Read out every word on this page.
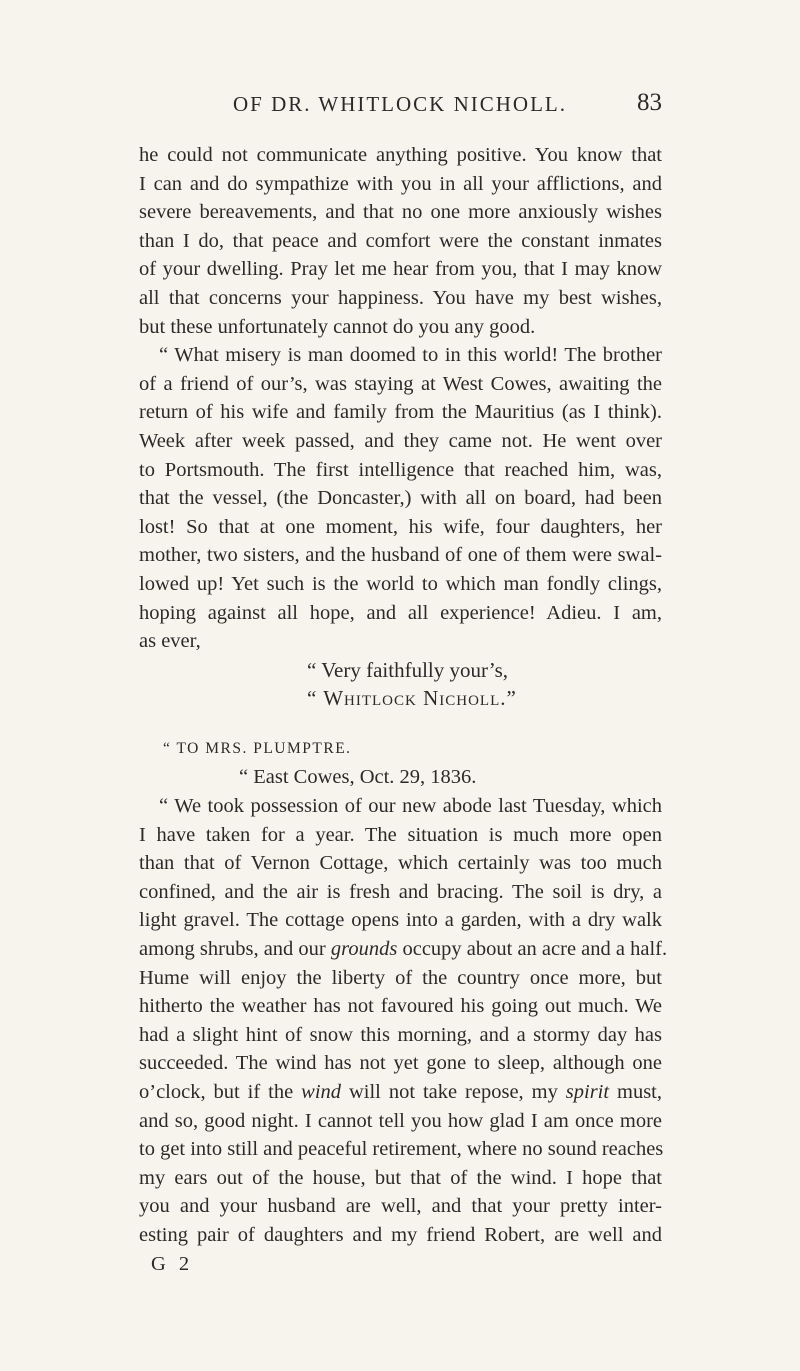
OF DR. WHITLOCK NICHOLL.	83
he could not communicate anything positive. You know that
I can and do sympathize with you in all your afflictions, and
severe bereavements, and that no one more anxiously wishes
than I do, that peace and comfort were the constant inmates
of your dwelling. Pray let me hear from you, that I may know
all that concerns your happiness. You have my best wishes,
but these unfortunately cannot do you any good.
“ What misery is man doomed to in this world! The brother
of a friend of our’s, was staying at West Cowes, awaiting the
return of his wife and family from the Mauritius (as I think).
Week after week passed, and they came not. He went over
to Portsmouth. The first intelligence that reached him, was,
that the vessel, (the Doncaster,) with all on board, had been
lost! So that at one moment, his wife, four daughters, her
mother, two sisters, and the husband of one of them were swal-
lowed up! Yet such is the world to which man fondly clings,
hoping against all hope, and all experience! Adieu. I am,
as ever,
“ Very faithfully your’s,
“ Whitlock Nicholl.”
“ TO MRS. PLUMPTRE.
“ East Cowes, Oct. 29, 1836.
“ We took possession of our new abode last Tuesday, which
I have taken for a year. The situation is much more open
than that of Vernon Cottage, which certainly was too much
confined, and the air is fresh and bracing. The soil is dry, a
light gravel. The cottage opens into a garden, with a dry walk
among shrubs, and our grounds occupy about an acre and a half.
Hume will enjoy the liberty of the country once more, but
hitherto the weather has not favoured his going out much. We
had a slight hint of snow this morning, and a stormy day has
succeeded. The wind has not yet gone to sleep, although one
o’clock, but if the wind will not take repose, my spirit must,
and so, good night. I cannot tell you how glad I am once more
to get into still and peaceful retirement, where no sound reaches
my ears out of the house, but that of the wind. I hope that
you and your husband are well, and that your pretty inter-
esting pair of daughters and my friend Robert, are well and
G 2
